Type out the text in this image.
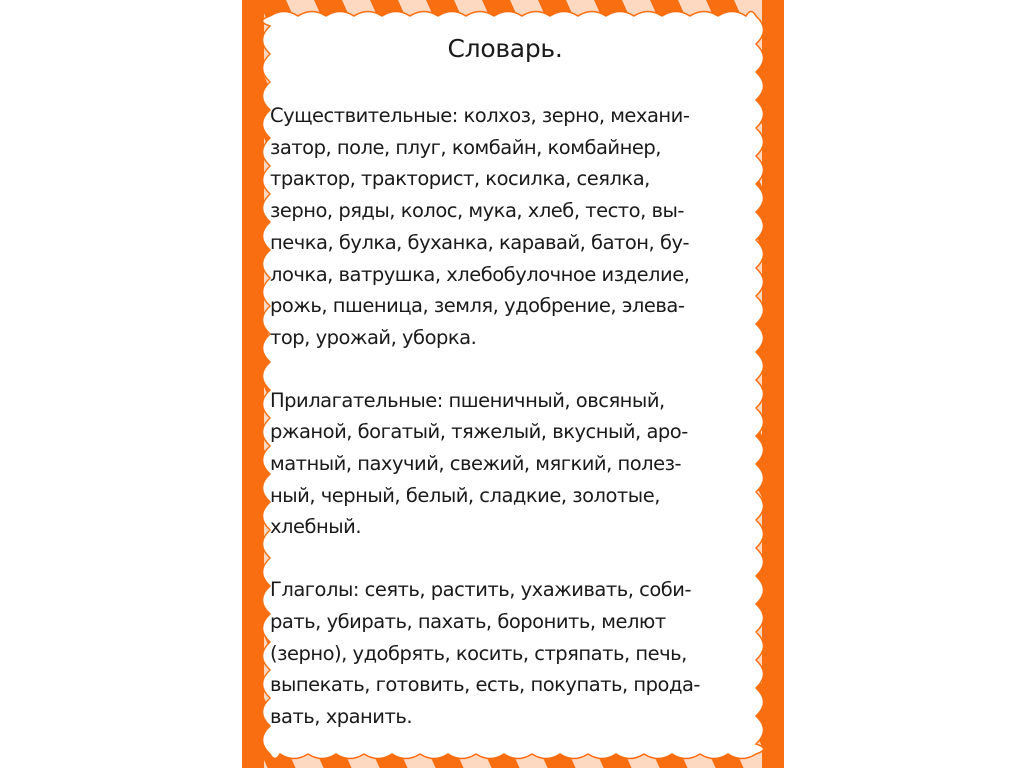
Словарь.
Существительные: колхоз, зерно, механи-
затор, поле, плуг, комбайн, комбайнер,
трактор, тракторист, косилка, сеялка,
зерно, ряды, колос, мука, хлеб, тесто, вы-
печка, булка, буханка, каравай, батон, бу-
лочка, ватрушка, хлебобулочное изделие,
рожь, пшеница, земля, удобрение, элева-
тор, урожай, уборка.
Прилагательные: пшеничный, овсяный,
ржаной, богатый, тяжелый, вкусный, аро-
матный, пахучий, свежий, мягкий, полез-
ный, черный, белый, сладкие, золотые,
хлебный.
Глаголы: сеять, растить, ухаживать, соби-
рать, убирать, пахать, боронить, мелют
(зерно), удобрять, косить, стряпать, печь,
выпекать, готовить, есть, покупать, прода-
вать, хранить.
